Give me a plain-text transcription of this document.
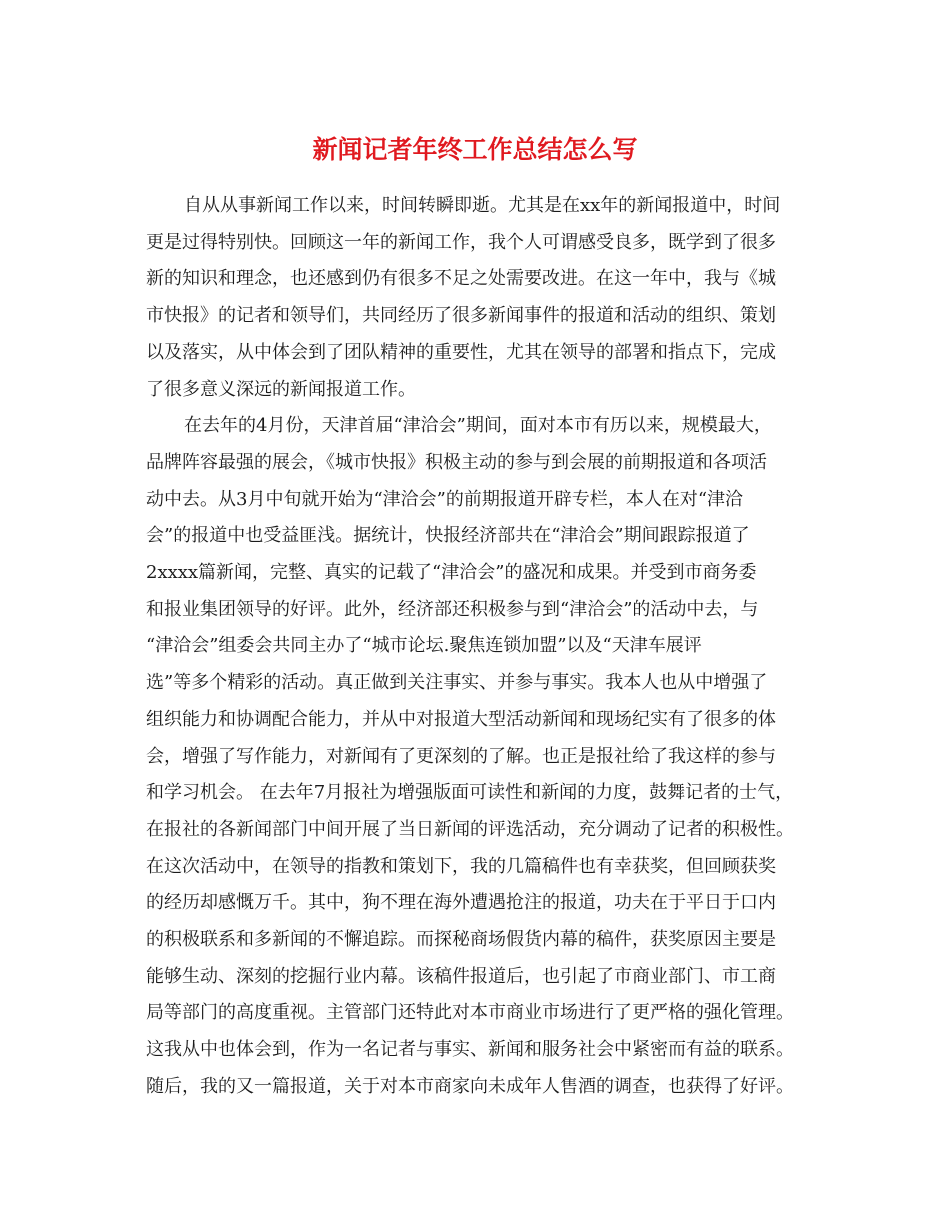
新闻记者年终工作总结怎么写
自从从事新闻工作以来，时间转瞬即逝。尤其是在xx年的新闻报道中，时间
更是过得特别快。回顾这一年的新闻工作，我个人可谓感受良多，既学到了很多
新的知识和理念，也还感到仍有很多不足之处需要改进。在这一年中，我与《城
市快报》的记者和领导们，共同经历了很多新闻事件的报道和活动的组织、策划
以及落实，从中体会到了团队精神的重要性，尤其在领导的部署和指点下，完成
了很多意义深远的新闻报道工作。
在去年的4月份，天津首届“津洽会”期间，面对本市有历以来，规模最大，
品牌阵容最强的展会，《城市快报》积极主动的参与到会展的前期报道和各项活
动中去。从3月中旬就开始为“津洽会”的前期报道开辟专栏，本人在对“津洽
会”的报道中也受益匪浅。据统计，快报经济部共在“津洽会”期间跟踪报道了
2xxxx篇新闻，完整、真实的记载了“津洽会”的盛况和成果。并受到市商务委
和报业集团领导的好评。此外，经济部还积极参与到“津洽会”的活动中去，与
“津洽会”组委会共同主办了“城市论坛.聚焦连锁加盟”以及“天津车展评
选”等多个精彩的活动。真正做到关注事实、并参与事实。我本人也从中增强了
组织能力和协调配合能力，并从中对报道大型活动新闻和现场纪实有了很多的体
会，增强了写作能力，对新闻有了更深刻的了解。也正是报社给了我这样的参与
和学习机会。 在去年7月报社为增强版面可读性和新闻的力度，鼓舞记者的士气，
在报社的各新闻部门中间开展了当日新闻的评选活动，充分调动了记者的积极性。
在这次活动中，在领导的指教和策划下，我的几篇稿件也有幸获奖，但回顾获奖
的经历却感慨万千。其中，狗不理在海外遭遇抢注的报道，功夫在于平日于口内
的积极联系和多新闻的不懈追踪。而探秘商场假货内幕的稿件，获奖原因主要是
能够生动、深刻的挖掘行业内幕。该稿件报道后，也引起了市商业部门、市工商
局等部门的高度重视。主管部门还特此对本市商业市场进行了更严格的强化管理。
这我从中也体会到，作为一名记者与事实、新闻和服务社会中紧密而有益的联系。
随后，我的又一篇报道，关于对本市商家向未成年人售酒的调查，也获得了好评。
